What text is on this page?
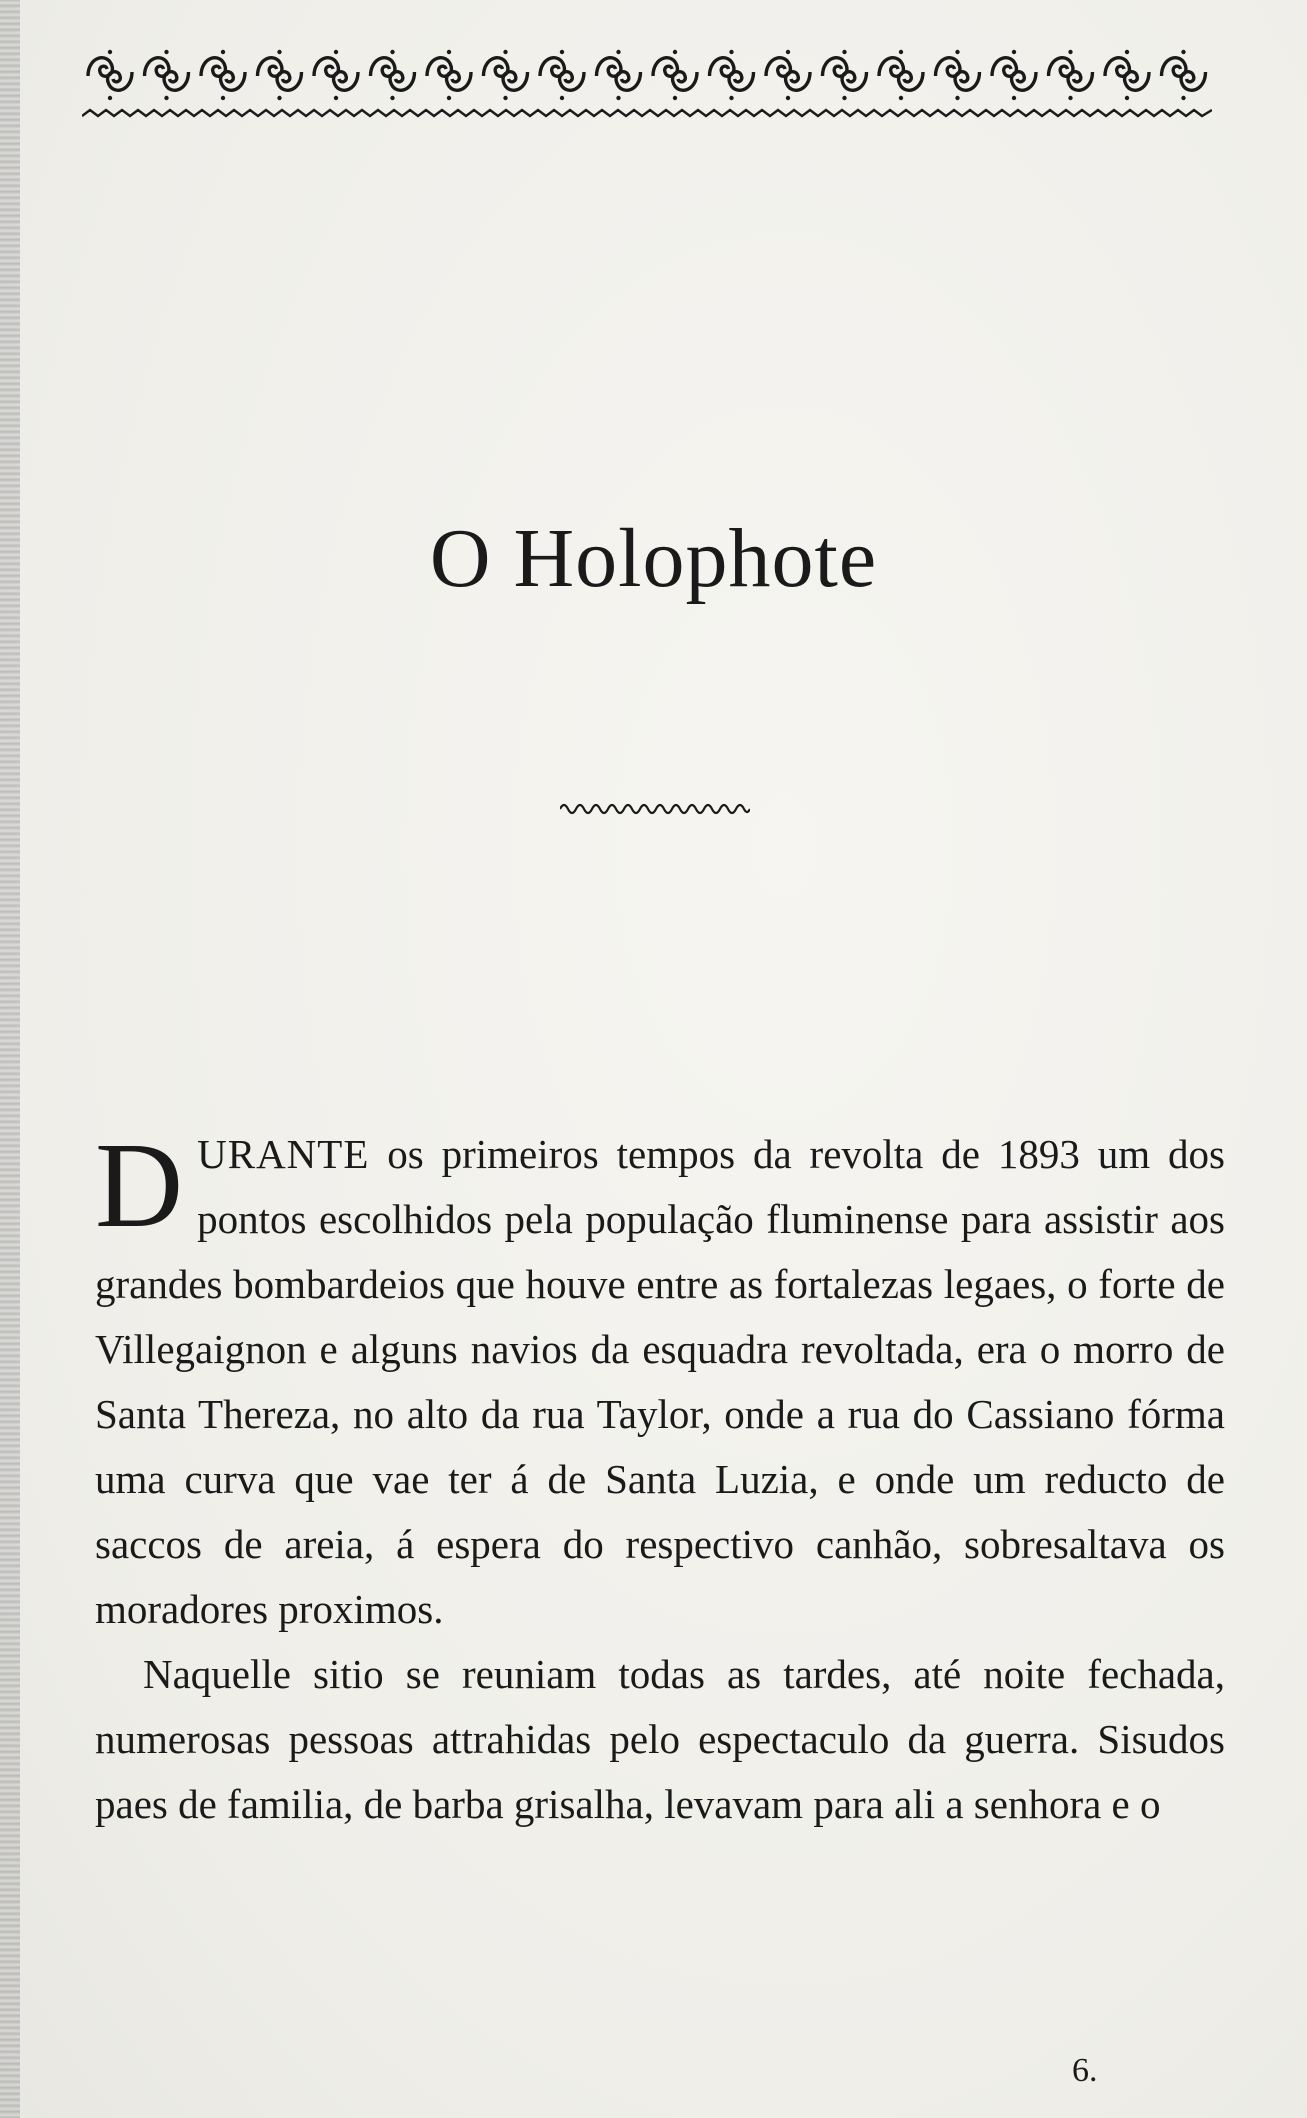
O Holophote

DURANTE os primeiros tempos da revolta de 1893 um dos pontos escolhidos pela população fluminense para assistir aos grandes bombardeios que houve entre as fortalezas legaes, o forte de Villegaignon e alguns navios da esquadra revoltada, era o morro de Santa Thereza, no alto da rua Taylor, onde a rua do Cassiano fórma uma curva que vae ter á de Santa Luzia, e onde um reducto de saccos de areia, á espera do respectivo canhão, sobresaltava os moradores proximos.

Naquelle sitio se reuniam todas as tardes, até noite fechada, numerosas pessoas attrahidas pelo espectaculo da guerra. Sisudos paes de familia, de barba grisalha, levavam para ali a senhora e o

6.
